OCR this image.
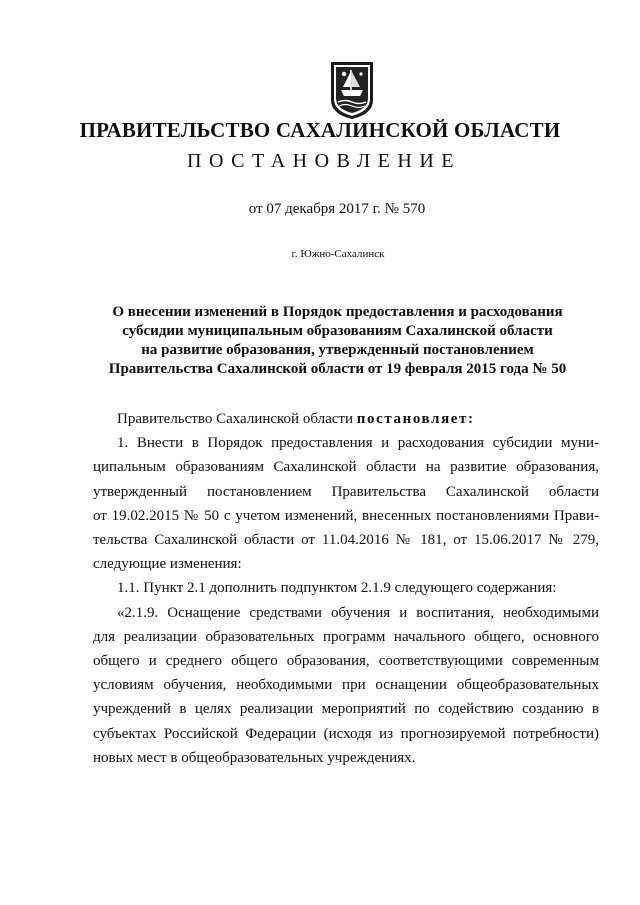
ПРАВИТЕЛЬСТВО САХАЛИНСКОЙ ОБЛАСТИ
ПОСТАНОВЛЕНИЕ
от 07 декабря 2017 г. № 570
г. Южно-Сахалинск
О внесении изменений в Порядок предоставления и расходования
субсидии муниципальным образованиям Сахалинской области
на развитие образования, утвержденный постановлением
Правительства Сахалинской области от 19 февраля 2015 года № 50
Правительство Сахалинской области постановляет:
1. Внести в Порядок предоставления и расходования субсидии муни-
ципальным образованиям Сахалинской области на развитие образования,
утвержденный постановлением Правительства Сахалинской области
от 19.02.2015 № 50 с учетом изменений, внесенных постановлениями Прави-
тельства Сахалинской области от 11.04.2016 № 181, от 15.06.2017 № 279,
следующие изменения:
1.1. Пункт 2.1 дополнить подпунктом 2.1.9 следующего содержания:
«2.1.9. Оснащение средствами обучения и воспитания, необходимыми
для реализации образовательных программ начального общего, основного
общего и среднего общего образования, соответствующими современным
условиям обучения, необходимыми при оснащении общеобразовательных
учреждений в целях реализации мероприятий по содействию созданию в
субъектах Российской Федерации (исходя из прогнозируемой потребности)
новых мест в общеобразовательных учреждениях.
